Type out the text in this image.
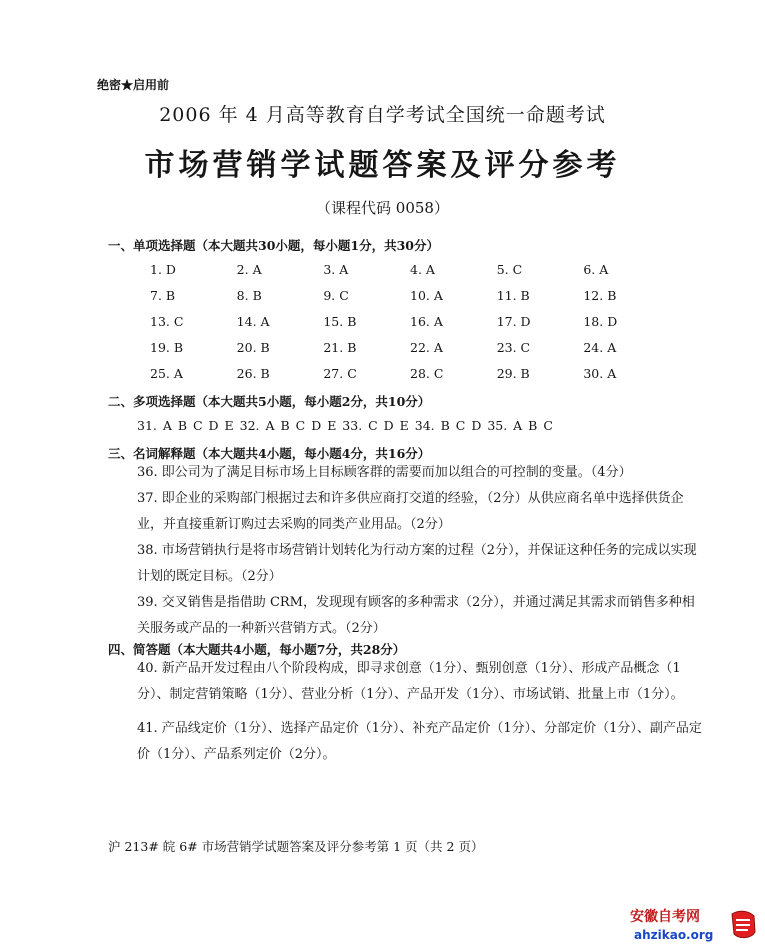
绝密★启用前
2006 年 4 月高等教育自学考试全国统一命题考试
市场营销学试题答案及评分参考
（课程代码 0058）
一、单项选择题（本大题共30小题，每小题1分，共30分）
1. D	2. A	3. A	4. A	5. C	6. A
7. B	8. B	9. C	10. A	11. B	12. B
13. C	14. A	15. B	16. A	17. D	18. D
19. B	20. B	21. B	22. A	23. C	24. A
25. A	26. B	27. C	28. C	29. B	30. A
二、多项选择题（本大题共5小题，每小题2分，共10分）
31. A B C D E 32. A B C D E 33. C D E 34. B C D 35. A B C
三、名词解释题（本大题共4小题，每小题4分，共16分）
36. 即公司为了满足目标市场上目标顾客群的需要而加以组合的可控制的变量。（4分）
37. 即企业的采购部门根据过去和许多供应商打交道的经验，（2分）从供应商名单中选择供货企业，并直接重新订购过去采购的同类产业用品。（2分）
38. 市场营销执行是将市场营销计划转化为行动方案的过程（2分），并保证这种任务的完成以实现计划的既定目标。（2分）
39. 交叉销售是指借助 CRM，发现现有顾客的多种需求（2分），并通过满足其需求而销售多种相关服务或产品的一种新兴营销方式。（2分）
四、简答题（本大题共4小题，每小题7分，共28分）
40. 新产品开发过程由八个阶段构成，即寻求创意（1分）、甄别创意（1分）、形成产品概念（1分）、制定营销策略（1分）、营业分析（1分）、产品开发（1分）、市场试销、批量上市（1分）。
41. 产品线定价（1分）、选择产品定价（1分）、补充产品定价（1分）、分部定价（1分）、副产品定价（1分）、产品系列定价（2分）。
沪 213# 皖 6# 市场营销学试题答案及评分参考第 1 页（共 2 页）
安徽自考网
ahzikao.org
